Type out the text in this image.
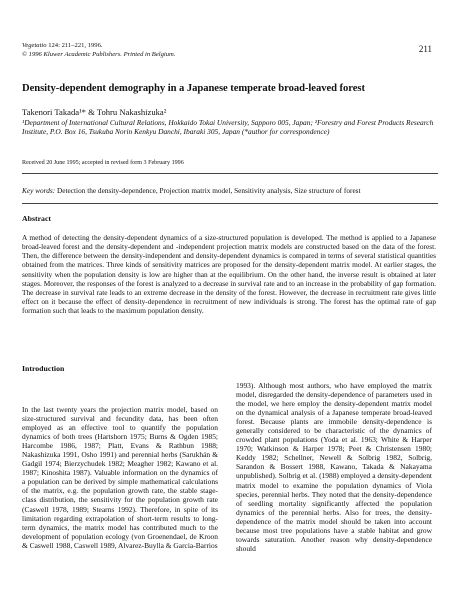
Vegetatio 124: 211–221, 1996.
© 1996 Kluwer Academic Publishers. Printed in Belgium.
211
Density-dependent demography in a Japanese temperate broad-leaved forest
Takenori Takada¹* & Tohru Nakashizuka²
¹Department of International Cultural Relations, Hokkaido Tokai University, Sapporo 005, Japan; ²Forestry and Forest Products Research Institute, P.O. Box 16, Tsukuba Norin Kenkyu Danchi, Ibaraki 305, Japan (*author for correspondence)
Received 20 June 1995; accepted in revised form 3 February 1996
Key words: Detection the density-dependence, Projection matrix model, Sensitivity analysis, Size structure of forest
Abstract
A method of detecting the density-dependent dynamics of a size-structured population is developed. The method is applied to a Japanese broad-leaved forest and the density-dependent and -independent projection matrix models are constructed based on the data of the forest. Then, the difference between the density-independent and density-dependent dynamics is compared in terms of several statistical quantities obtained from the matrices. Three kinds of sensitivity matrices are proposed for the density-dependent matrix model. At earlier stages, the sensitivity when the population density is low are higher than at the equilibrium. On the other hand, the inverse result is obtained at later stages. Moreover, the responses of the forest is analyzed to a decrease in survival rate and to an increase in the probability of gap formation. The decrease in survival rate leads to an extreme decrease in the density of the forest. However, the decrease in recruitment rate gives little effect on it because the effect of density-dependence in recruitment of new individuals is strong. The forest has the optimal rate of gap formation such that leads to the maximum population density.
Introduction

In the last twenty years the projection matrix model, based on size-structured survival and fecundity data, has been often employed as an effective tool to quantify the population dynamics of both trees (Hartshorn 1975; Burns & Ogden 1985; Harcombe 1986, 1987; Platt, Evans & Rathbun 1988; Nakashizuka 1991, Osho 1991) and perennial herbs (Sarukhán & Gadgil 1974; Bierzychudek 1982; Meagher 1982; Kawano et al. 1987; Kinoshita 1987). Valuable information on the dynamics of a population can be derived by simple mathematical calculations of the matrix, e.g. the population growth rate, the stable stage-class distribution, the sensitivity for the population growth rate (Caswell 1978, 1989; Stearns 1992). Therefore, in spite of its limitation regarding extrapolation of short-term results to long-term dynamics, the matrix model has contributed much to the development of population ecology (von Groenendael, de Kroon & Caswell 1988, Caswell 1989, Alvarez-Buylla & Garcia-Barrios

1993). Although most authors, who have employed the matrix model, disregarded the density-dependence of parameters used in the model, we here employ the density-dependent matrix model on the dynamical analysis of a Japanese temperate broad-leaved forest. Because plants are immobile density-dependence is generally considered to be characteristic of the dynamics of crowded plant populations (Yoda et al. 1963; White & Harper 1970; Watkinson & Harper 1978; Peet & Christensen 1980; Keddy 1982; Schellner, Newell & Solbrig 1982, Solbrig, Sarandon & Bossert 1988, Kawano, Takada & Nakayama unpublished). Solbrig et al. (1988) employed a density-dependent matrix model to examine the population dynamics of Viola species, perennial herbs. They noted that the density-dependence of seedling mortality significantly affected the population dynamics of the perennial herbs. Also for trees, the density-dependence of the matrix model should be taken into account because most tree populations have a stable habitat and grow towards saturation. Another reason why density-dependence should
